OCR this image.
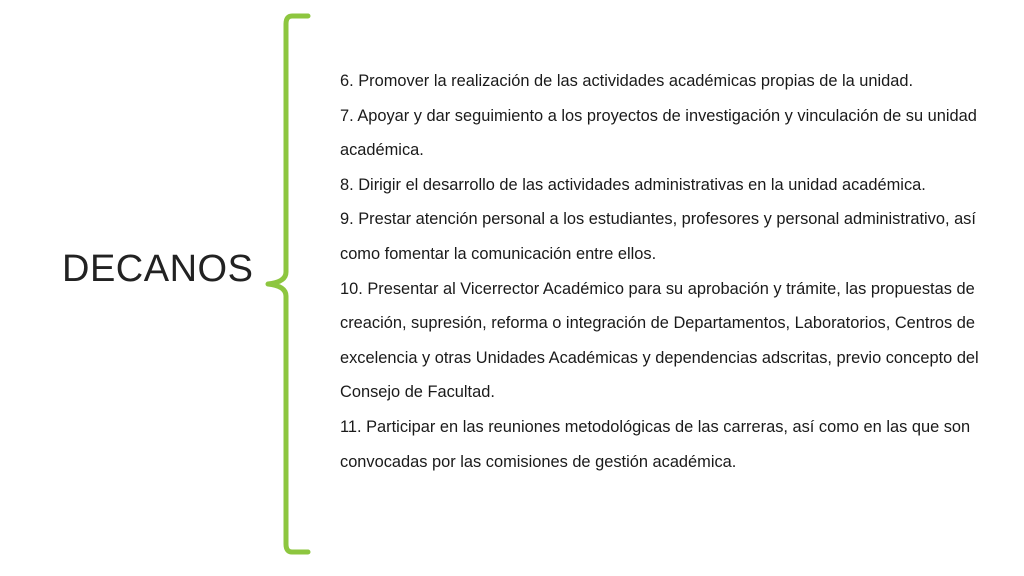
DECANOS

6. Promover la realización de las actividades académicas propias de la unidad.

7. Apoyar y dar seguimiento a los proyectos de investigación y vinculación de su unidad académica.

8. Dirigir el desarrollo de las actividades administrativas en la unidad académica.

9. Prestar atención personal a los estudiantes, profesores y personal administrativo, así como fomentar la comunicación entre ellos.

10. Presentar al Vicerrector Académico para su aprobación y trámite, las propuestas de creación, supresión, reforma o integración de Departamentos, Laboratorios, Centros de excelencia y otras Unidades Académicas y dependencias adscritas, previo concepto del Consejo de Facultad.

11. Participar en las reuniones metodológicas de las carreras, así como en las que son convocadas por las comisiones de gestión académica.
